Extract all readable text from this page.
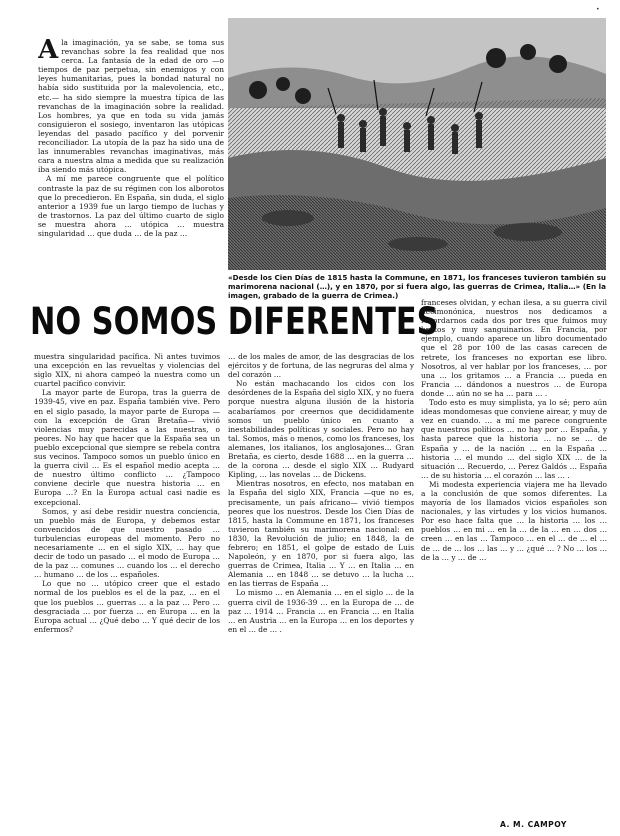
•

Ala imaginación, ya se sabe, se toma sus revanchas sobre la fea realidad que nos cerca. La fantasía de la edad de oro —o tiempos de paz perpetua, sin enemigos y con leyes humanitarias, pues la bondad natural no había sido sustituida por la malevolencia, etc., etc.— ha sido siempre la muestra típica de las revanchas de la imaginación sobre la realidad. Los hombres, ya que en toda su vida jamás consiguieron el sosiego, inventaron las utópicas leyendas del pasado pacífico y del porvenir reconciliador. La utopía de la paz ha sido una de las innumerables revanchas imaginativas, más cara a nuestra alma a medida que su realización iba siendo más utópica.

A mí me parece congruente que el político contraste la paz de su régimen con los alborotos que lo precedieron. En España, sin duda, el siglo anterior a 1939 fue un largo tiempo de luchas y de trastornos. La paz del último cuarto de siglo se muestra ahora … utópica … muestra singularidad … que duda … de la paz …

«Desde los Cien Días de 1815 hasta la Commune, en 1871, los franceses tuvieron también su marimorena nacional (…), y en 1870, por si fuera algo, las guerras de Crimea, Italia…» (En la imagen, grabado de la guerra de Crimea.)
NO SOMOS DIFERENTES

muestra singularidad pacífica. Ni antes tuvimos una excepción en las revueltas y violencias del siglo XIX, ni ahora campeó la nuestra como un cuartel pacífico convivir.

La mayor parte de Europa, tras la guerra de 1939-45, vive en paz. España también vive. Pero en el siglo pasado, la mayor parte de Europa —con la excepción de Gran Bretaña— vivió violencias muy parecidas a las nuestras, o peores. No hay que hacer que la España sea un pueblo excepcional que siempre se rebela contra sus vecinos. Tampoco somos un pueblo único en la guerra civil … Es el español medio acepta … de nuestro último conflicto … ¿Tampoco conviene decirle que nuestra historia … en Europa …? En la Europa actual casi nadie es excepcional.

Somos, y así debe residir nuestra conciencia, un pueblo más de Europa, y debemos estar convencidos de que nuestro pasado … turbulencias europeas del momento. Pero no necesariamente … en el siglo XIX, … hay que decir de todo un pasado … el modo de Europa … de la paz … comunes … cuando los … el derecho … humano … de los … españoles.

Lo que no … utópico creer que el estado normal de los pueblos es el de la paz, … en el que los pueblos … guerras … a la paz … Pero … desgraciada … por fuerza … en Europa … en la Europa actual … ¿Qué debo … Y qué decir de los enfermos?

… de los males de amor, de las desgracias de los ejércitos y de fortuna, de las negruras del alma y del corazón …

No están machacando los cidos con los desórdenes de la España del siglo XIX, y no fuera porque nuestra alguna ilusión de la historia acabaríamos por creernos que decididamente somos un pueblo único en cuanto a inestabilidades políticas y sociales. Pero no hay tal. Somos, más o menos, como los franceses, los alemanes, los italianos, los anglosajones… Gran Bretaña, es cierto, desde 1688 … en la guerra … de la corona … desde el siglo XIX … Rudyard Kipling, … las novelas … de Dickens.

Mientras nosotros, en efecto, nos mataban en la España del siglo XIX, Francia —que no es, precisamente, un país africano— vivió tiempos peores que los nuestros. Desde los Cien Días de 1815, hasta la Commune en 1871, los franceses tuvieron también su marimorena nacional: en 1830, la Revolución de julio; en 1848, la de febrero; en 1851, el golpe de estado de Luis Napoleón, y en 1870, por si fuera algo, las guerras de Crimea, Italia … Y … en Italia … en Alemania … en 1848 … se detuvo … la lucha … en las tierras de España …

Lo mismo … en Alemania … en el siglo … de la guerra civil de 1936-39 … en la Europa de … de paz … 1914 … Francia … en Francia … en Italia … en Austria … en la Europa … en los deportes y en el … de … .

franceses olvidan, y echan ilesa, a su guerra civil decimonónica, nuestros nos dedicamos a recordarnos cada dos por tres que fuimos muy brutos y muy sanguinarios. En Francia, por ejemplo, cuando aparece un libro documentado que el 28 por 100 de las casas carecen de retrete, los franceses no exportan ese libro. Nosotros, al ver hablar por los franceses, … por una … los gritamos … a Francia … pueda en Francia … dándonos a nuestros … de Europa donde … aún no se ha … para … .

Todo esto es muy simplista, ya lo sé; pero aún ideas mondomesas que conviene airear, y muy de vez en cuando. … a mí me parece congruente que nuestros políticos … no hay por … España, y hasta parece que la historia … no se … de España y … de la nación … en la España … historia … el mundo … del siglo XIX … de la situación … Recuerdo, … Perez Galdós … España … de su historia … el corazón … las … .

Mi modesta experiencia viajera me ha llevado a la conclusión de que somos diferentes. La mayoría de los llamados vicios españoles son nacionales, y las virtudes y los vicios humanos. Por eso hace falta que … la historia … los … pueblos … en mi … en la … de la … en … dos … creen … en las … Tampoco … en el … de … el … de … de … los … las … y … ¿qué … ? No … los … de la … y … de …

A. M. CAMPOY
